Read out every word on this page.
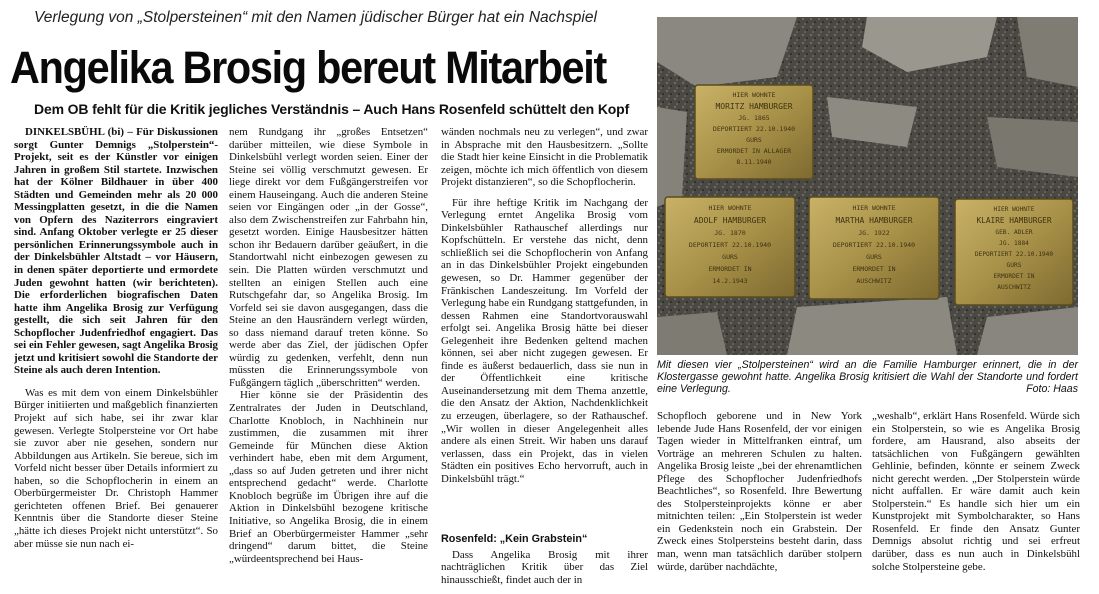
Verlegung von „Stolpersteinen“ mit den Namen jüdischer Bürger hat ein Nachspiel
Angelika Brosig bereut Mitarbeit
Dem OB fehlt für die Kritik jegliches Verständnis – Auch Hans Rosenfeld schüttelt den Kopf

DINKELSBÜHL (bi) – Für Diskussionen sorgt Gunter Demnigs „Stolperstein“-Projekt, seit es der Künstler vor einigen Jahren in großem Stil startete. Inzwischen hat der Kölner Bildhauer in über 400 Städten und Gemeinden mehr als 20 000 Messingplatten gesetzt, in die die Namen von Opfern des Naziterrors eingraviert sind. Anfang Oktober verlegte er 25 dieser persönlichen Erinnerungssymbole auch in der Dinkelsbühler Altstadt – vor Häusern, in denen später deportierte und ermordete Juden gewohnt hatten (wir berichteten). Die erforderlichen biografischen Daten hatte ihm Angelika Brosig zur Verfügung gestellt, die sich seit Jahren für den Schopflocher Judenfriedhof engagiert. Das sei ein Fehler gewesen, sagt Angelika Brosig jetzt und kritisiert sowohl die Standorte der Steine als auch deren Intention.

Was es mit dem von einem Dinkelsbühler Bürger initiierten und maßgeblich finanzierten Projekt auf sich habe, sei ihr zwar klar gewesen. Verlegte Stolpersteine vor Ort habe sie zuvor aber nie gesehen, sondern nur Abbildungen aus Artikeln. Sie bereue, sich im Vorfeld nicht besser über Details informiert zu haben, so die Schopflocherin in einem an Oberbürgermeister Dr. Christoph Hammer gerichteten offenen Brief. Bei genauerer Kenntnis über die Standorte dieser Steine „hätte ich dieses Projekt nicht unterstützt“. So aber müsse sie nun nach ei-

nem Rundgang ihr „großes Entsetzen“ darüber mitteilen, wie diese Symbole in Dinkelsbühl verlegt worden seien. Einer der Steine sei völlig verschmutzt gewesen. Er liege direkt vor dem Fußgängerstreifen vor einem Hauseingang. Auch die anderen Steine seien vor Eingängen oder „in der Gosse“, also dem Zwischenstreifen zur Fahrbahn hin, gesetzt worden. Einige Hausbesitzer hätten schon ihr Bedauern darüber geäußert, in die Standortwahl nicht einbezogen gewesen zu sein. Die Platten würden verschmutzt und stellten an einigen Stellen auch eine Rutschgefahr dar, so Angelika Brosig. Im Vorfeld sei sie davon ausgegangen, dass die Steine an den Hausrändern verlegt würden, so dass niemand darauf treten könne. So werde aber das Ziel, der jüdischen Opfer würdig zu gedenken, verfehlt, denn nun müssten die Erinnerungssymbole von Fußgängern täglich „überschritten“ werden.

Hier könne sie der Präsidentin des Zentralrates der Juden in Deutschland, Charlotte Knobloch, in Nachhinein nur zustimmen, die zusammen mit ihrer Gemeinde für München diese Aktion verhindert habe, eben mit dem Argument, „dass so auf Juden getreten und ihrer nicht entsprechend gedacht“ werde. Charlotte Knobloch begrüße im Übrigen ihre auf die Aktion in Dinkelsbühl bezogene kritische Initiative, so Angelika Brosig, die in einem Brief an Oberbürgermeister Hammer „sehr dringend“ darum bittet, die Steine „würdeentsprechend bei Haus-

wänden nochmals neu zu verlegen“, und zwar in Absprache mit den Hausbesitzern. „Sollte die Stadt hier keine Einsicht in die Problematik zeigen, möchte ich mich öffentlich von diesem Projekt distanzieren“, so die Schopflocherin.

Für ihre heftige Kritik im Nachgang der Verlegung erntet Angelika Brosig vom Dinkelsbühler Rathauschef allerdings nur Kopfschütteln. Er verstehe das nicht, denn schließlich sei die Schopflocherin von Anfang an in das Dinkelsbühler Projekt eingebunden gewesen, so Dr. Hammer gegenüber der Fränkischen Landeszeitung. Im Vorfeld der Verlegung habe ein Rundgang stattgefunden, in dessen Rahmen eine Standortvorauswahl erfolgt sei. Angelika Brosig hätte bei dieser Gelegenheit ihre Bedenken geltend machen können, sei aber nicht zugegen gewesen. Er finde es äußerst bedauerlich, dass sie nun in der Öffentlichkeit eine kritische Auseinandersetzung mit dem Thema anzettle, die den Ansatz der Aktion, Nachdenklichkeit zu erzeugen, überlagere, so der Rathauschef. „Wir wollen in dieser Angelegenheit alles andere als einen Streit. Wir haben uns darauf verlassen, dass ein Projekt, das in vielen Städten ein positives Echo hervorruft, auch in Dinkelsbühl trägt.“

Rosenfeld: „Kein Grabstein“

Dass Angelika Brosig mit ihrer nachträglichen Kritik über das Ziel hinausschießt, findet auch der in

HIER WOHNTE
MORITZ HAMBURGER
JG. 1865
DEPORTIERT 22.10.1940
GURS
ERMORDET IN ALLAGER
8.11.1940
HIER WOHNTE
ADOLF HAMBURGER
JG. 1870
DEPORTIERT 22.10.1940
GURS
ERMORDET IN
14.2.1943
HIER WOHNTE
MARTHA HAMBURGER
JG. 1922
DEPORTIERT 22.10.1940
GURS
ERMORDET IN
AUSCHWITZ
HIER WOHNTE
KLAIRE HAMBURGER
GEB. ADLER
JG. 1884
DEPORTIERT 22.10.1940
GURS
ERMORDET IN
AUSCHWITZ
Mit diesen vier „Stolpersteinen“ wird an die Familie Hamburger erinnert, die in der Klostergasse gewohnt hatte. Angelika Brosig kritisiert die Wahl der Standorte und fordert eine Verlegung.	Foto: Haas

Schopfloch geborene und in New York lebende Jude Hans Rosenfeld, der vor einigen Tagen wieder in Mittelfranken eintraf, um Vorträge an mehreren Schulen zu halten. Angelika Brosig leiste „bei der ehrenamtlichen Pflege des Schopflocher Judenfriedhofs Beachtliches“, so Rosenfeld. Ihre Bewertung des Stolpersteinprojekts könne er aber mitnichten teilen: „Ein Stolperstein ist weder ein Gedenkstein noch ein Grabstein. Der Zweck eines Stolpersteins besteht darin, dass man, wenn man tatsächlich darüber stolpern würde, darüber nachdächte,

„weshalb“, erklärt Hans Rosenfeld. Würde sich ein Stolperstein, so wie es Angelika Brosig fordere, am Hausrand, also abseits der tatsächlichen von Fußgängern gewählten Gehlinie, befinden, könnte er seinem Zweck nicht gerecht werden. „Der Stolperstein würde nicht auffallen. Er wäre damit auch kein Stolperstein.“ Es handle sich hier um ein Kunstprojekt mit Symbolcharakter, so Hans Rosenfeld. Er finde den Ansatz Gunter Demnigs absolut richtig und sei erfreut darüber, dass es nun auch in Dinkelsbühl solche Stolpersteine gebe.
